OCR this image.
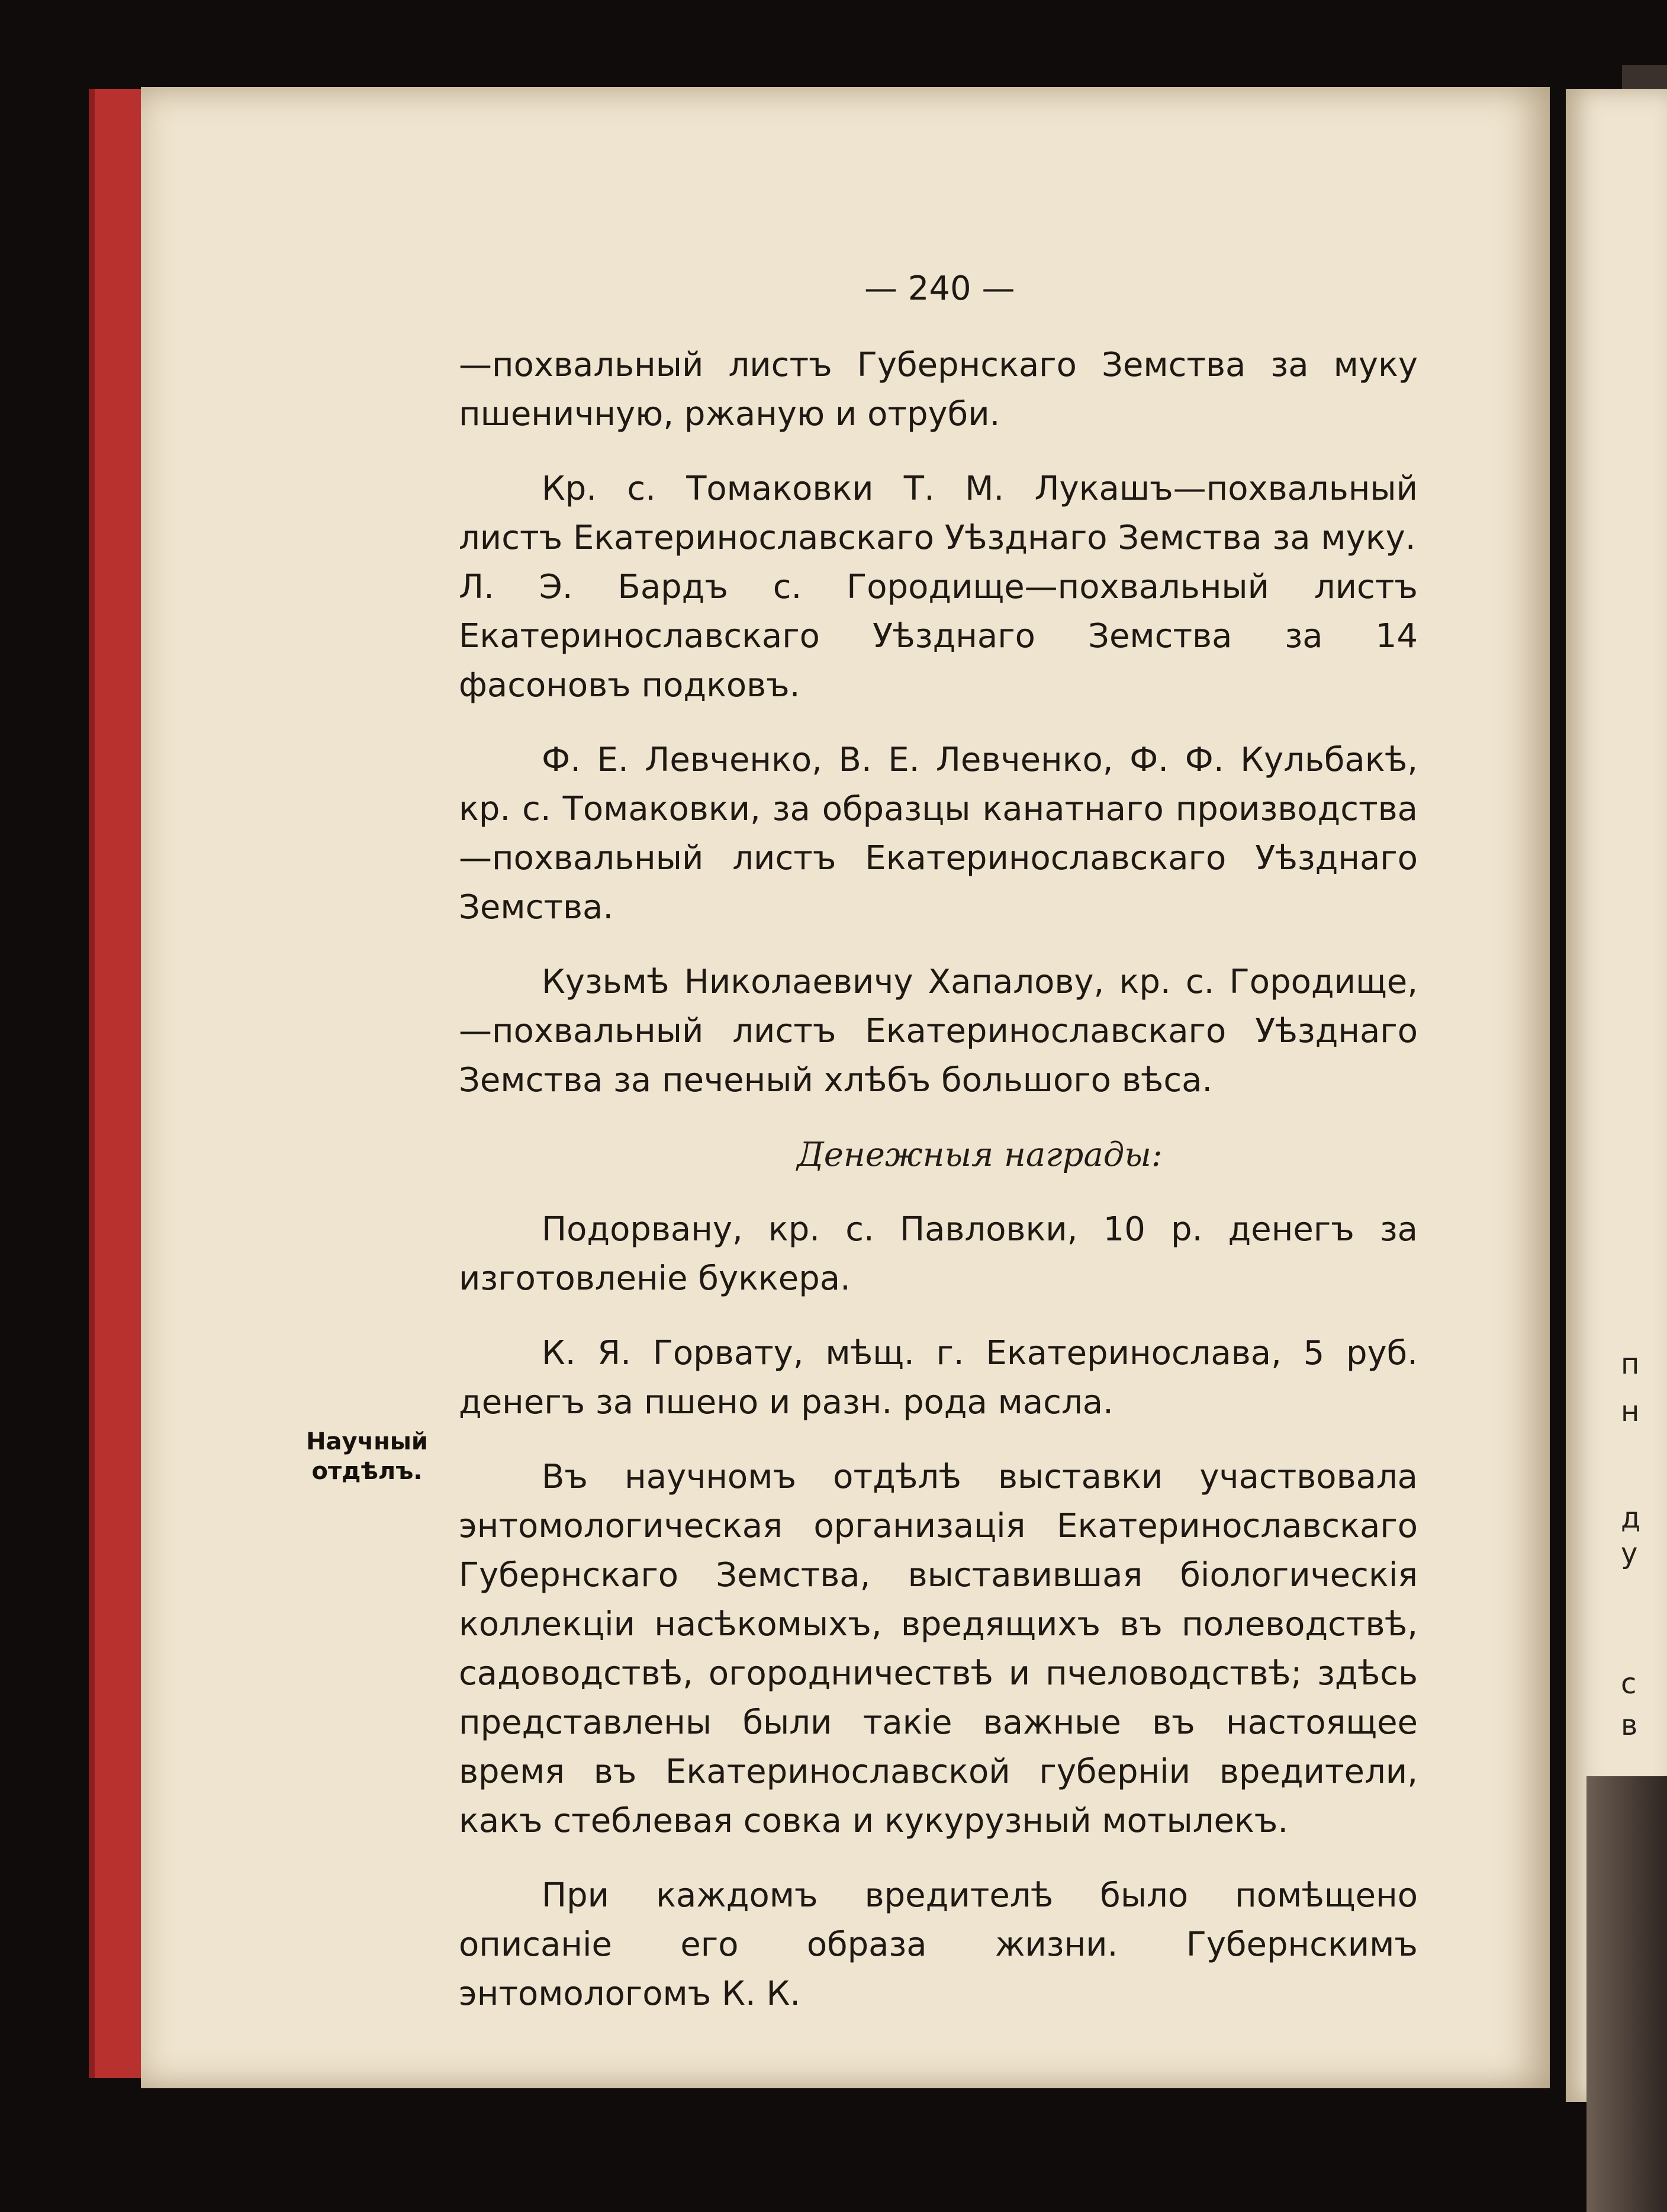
— 240 —
Научный
отдѣлъ.

—похвальный листъ Губернскаго Земства за муку пшеничную, ржаную и отруби.

Кр. с. Томаковки Т. М. Лукашъ—похвальный листъ Екатеринославскаго Уѣзднаго Земства за муку.
Л. Э. Бардъ с. Городище—похвальный листъ Екатеринославскаго Уѣзднаго Земства за 14 фасоновъ подковъ.

Ф. Е. Левченко, В. Е. Левченко, Ф. Ф. Кульбакѣ, кр. с. Томаковки, за образцы канатнаго производства—похвальный листъ Екатеринославскаго Уѣзднаго Земства.

Кузьмѣ Николаевичу Хапалову, кр. с. Городище,—похвальный листъ Екатеринославскаго Уѣзднаго Земства за печеный хлѣбъ большого вѣса.

Денежныя награды:

Подорвану, кр. с. Павловки, 10 р. денегъ за изготовленіе буккера.

К. Я. Горвату, мѣщ. г. Екатеринослава, 5 руб. денегъ за пшено и разн. рода масла.

Въ научномъ отдѣлѣ выставки участвовала энтомологическая организація Екатеринославскаго Губернскаго Земства, выставившая біологическія коллекціи насѣкомыхъ, вредящихъ въ полеводствѣ, садоводствѣ, огородничествѣ и пчеловодствѣ; здѣсь представлены были такіе важные въ настоящее время въ Екатеринославской губерніи вредители, какъ стеблевая совка и кукурузный мотылекъ.

При каждомъ вредителѣ было помѣщено описаніе его образа жизни. Губернскимъ энтомологомъ К. К.

п
н
д
у
с
в
